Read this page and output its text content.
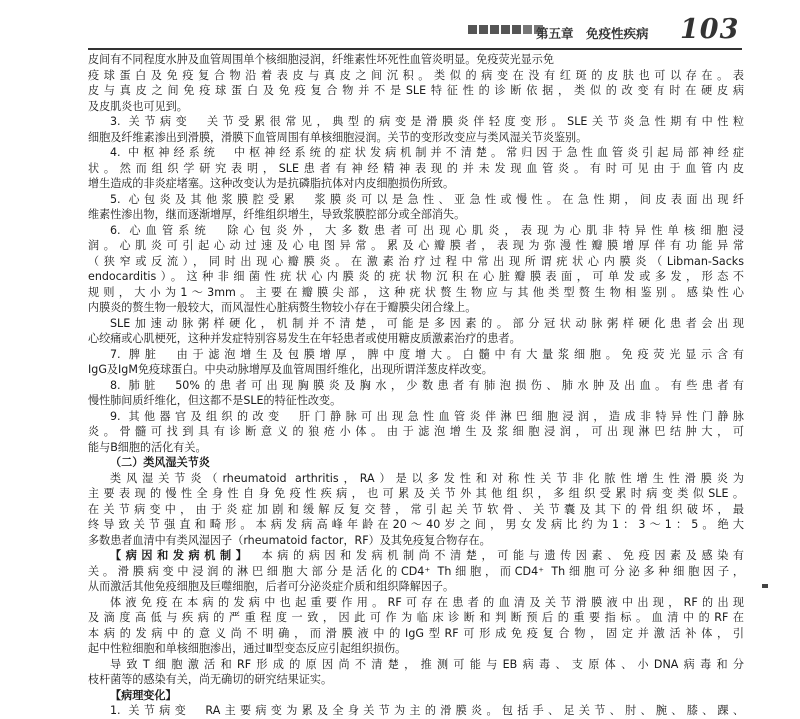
第五章　免疫性疾病 103
皮间有不同程度水肿及血管周围单个核细胞浸润，纤维素性坏死性血管炎明显。免疫荧光显示免
疫球蛋白及免疫复合物沿着表皮与真皮之间沉积。类似的病变在没有红斑的皮肤也可以存在。表
皮与真皮之间免疫球蛋白及免疫复合物并不是SLE特征性的诊断依据，类似的改变有时在硬皮病
及皮肌炎也可见到。
3. 关节病变　关节受累很常见，典型的病变是滑膜炎伴轻度变形。SLE关节炎急性期有中性粒
细胞及纤维素渗出到滑膜，滑膜下血管周围有单核细胞浸润。关节的变形改变应与类风湿关节炎鉴别。
4. 中枢神经系统　中枢神经系统的症状发病机制并不清楚。常归因于急性血管炎引起局部神经症
状。然而组织学研究表明，SLE患者有神经精神表现的并未发现血管炎。有时可见由于血管内皮
增生造成的非炎症堵塞。这种改变认为是抗磷脂抗体对内皮细胞损伤所致。
5. 心包炎及其他浆膜腔受累　浆膜炎可以是急性、亚急性或慢性。在急性期，间皮表面出现纤
维素性渗出物，继而逐渐增厚，纤维组织增生，导致浆膜腔部分或全部消失。
6. 心血管系统　除心包炎外，大多数患者可出现心肌炎，表现为心肌非特异性单核细胞浸
润。心肌炎可引起心动过速及心电图异常。累及心瓣膜者，表现为弥漫性瓣膜增厚伴有功能异常
（狭窄或反流），同时出现心瓣膜炎。在激素治疗过程中常出现所谓疣状心内膜炎（Libman-Sacks
endocarditis）。这种非细菌性疣状心内膜炎的疣状物沉积在心脏瓣膜表面，可单发或多发，形态不
规则，大小为1～3mm。主要在瓣膜尖部，这种疣状赘生物应与其他类型赘生物相鉴别。感染性心
内膜炎的赘生物一般较大，而风湿性心脏病赘生物较小存在于瓣膜尖闭合缘上。
SLE加速动脉粥样硬化，机制并不清楚，可能是多因素的。部分冠状动脉粥样硬化患者会出现
心绞痛或心肌梗死，这种并发症特别容易发生在年轻患者或使用糖皮质激素治疗的患者。
7. 脾脏　由于滤泡增生及包膜增厚，脾中度增大。白髓中有大量浆细胞。免疫荧光显示含有
IgG及IgM免疫球蛋白。中央动脉增厚及血管周围纤维化，出现所谓洋葱皮样改变。
8. 肺脏　50%的患者可出现胸膜炎及胸水，少数患者有肺泡损伤、肺水肿及出血。有些患者有
慢性肺间质纤维化，但这都不是SLE的特征性改变。
9. 其他器官及组织的改变　肝门静脉可出现急性血管炎伴淋巴细胞浸润，造成非特异性门静脉
炎。骨髓可找到具有诊断意义的狼疮小体。由于滤泡增生及浆细胞浸润，可出现淋巴结肿大，可
能与B细胞的活化有关。
（二）类风湿关节炎
类风湿关节炎（rheumatoid arthritis，RA）是以多发性和对称性关节非化脓性增生性滑膜炎为
主要表现的慢性全身性自身免疫性疾病，也可累及关节外其他组织，多组织受累时病变类似SLE。
在关节病变中，由于炎症加剧和缓解反复交替，常引起关节软骨、关节囊及其下的骨组织破坏，最
终导致关节强直和畸形。本病发病高峰年龄在20～40岁之间，男女发病比约为1：3～1：5。绝大
多数患者血清中有类风湿因子（rheumatoid factor，RF）及其免疫复合物存在。
【病因和发病机制】　本病的病因和发病机制尚不清楚，可能与遗传因素、免疫因素及感染有
关。滑膜病变中浸润的淋巴细胞大部分是活化的CD4⁺ Th细胞，而CD4⁺ Th细胞可分泌多种细胞因子，
从而激活其他免疫细胞及巨噬细胞，后者可分泌炎症介质和组织降解因子。
体液免疫在本病的发病中也起重要作用。RF可存在患者的血清及关节滑膜液中出现，RF的出现
及滴度高低与疾病的严重程度一致，因此可作为临床诊断和判断预后的重要指标。血清中的RF在
本病的发病中的意义尚不明确，而滑膜液中的IgG型RF可形成免疫复合物，固定并激活补体，引
起中性粒细胞和单核细胞渗出，通过Ⅲ型变态反应引起组织损伤。
导致T细胞激活和RF形成的原因尚不清楚，推测可能与EB病毒、支原体、小DNA病毒和分
枝杆菌等的感染有关，尚无确切的研究结果证实。
【病理变化】
1. 关节病变　RA主要病变为累及全身关节为主的滑膜炎。包括手、足关节、肘、腕、膝、踝、
